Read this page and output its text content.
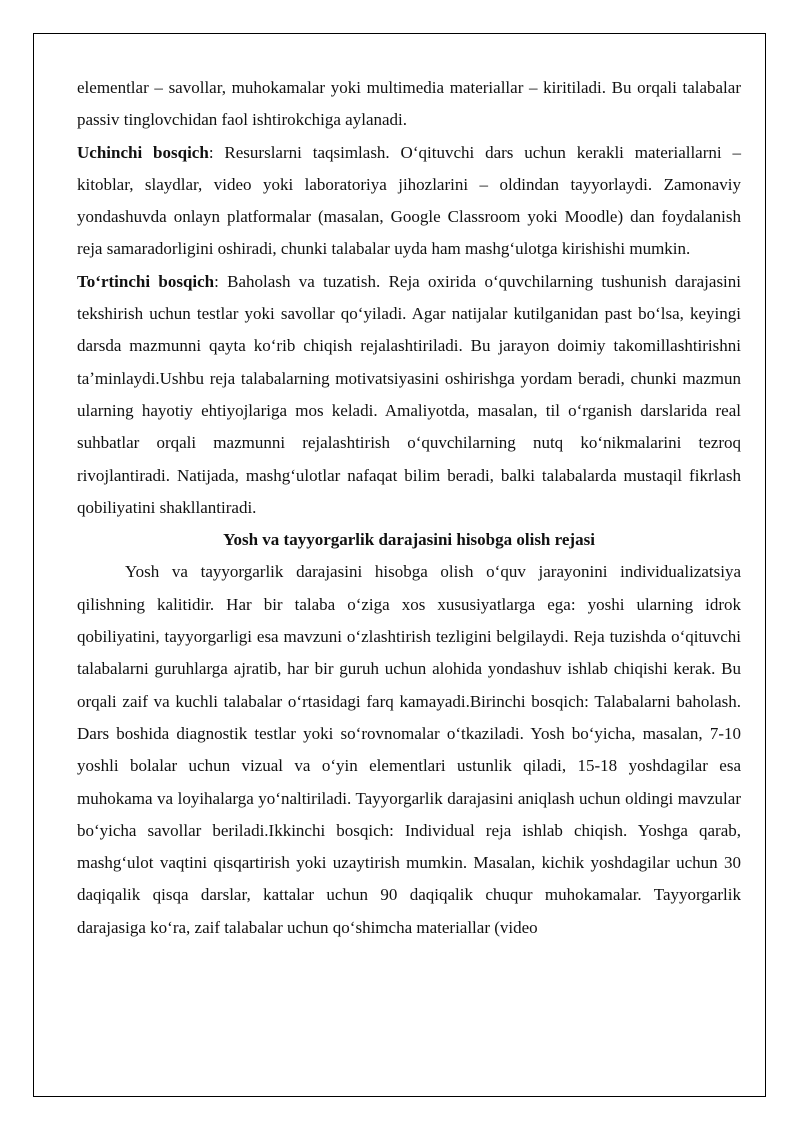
elementlar – savollar, muhokamalar yoki multimedia materiallar – kiritiladi. Bu orqali talabalar passiv tinglovchidan faol ishtirokchiga aylanadi.

Uchinchi bosqich: Resurslarni taqsimlash. Oʻqituvchi dars uchun kerakli materiallarni – kitoblar, slaydlar, video yoki laboratoriya jihozlarini – oldindan tayyorlaydi. Zamonaviy yondashuvda onlayn platformalar (masalan, Google Classroom yoki Moodle) dan foydalanish reja samaradorligini oshiradi, chunki talabalar uyda ham mashgʻulotga kirishishi mumkin.

Toʻrtinchi bosqich: Baholash va tuzatish. Reja oxirida oʻquvchilarning tushunish darajasini tekshirish uchun testlar yoki savollar qoʻyiladi. Agar natijalar kutilganidan past boʻlsa, keyingi darsda mazmunni qayta koʻrib chiqish rejalashtiriladi. Bu jarayon doimiy takomillashtirishni taʼminlaydi.Ushbu reja talabalarning motivatsiyasini oshirishga yordam beradi, chunki mazmun ularning hayotiy ehtiyojlariga mos keladi. Amaliyotda, masalan, til oʻrganish darslarida real suhbatlar orqali mazmunni rejalashtirish oʻquvchilarning nutq koʻnikmalarini tezroq rivojlantiradi. Natijada, mashgʻulotlar nafaqat bilim beradi, balki talabalarda mustaqil fikrlash qobiliyatini shakllantiradi.

Yosh va tayyorgarlik darajasini hisobga olish rejasi

Yosh va tayyorgarlik darajasini hisobga olish oʻquv jarayonini individualizatsiya qilishning kalitidir. Har bir talaba oʻziga xos xususiyatlarga ega: yoshi ularning idrok qobiliyatini, tayyorgarligi esa mavzuni oʻzlashtirish tezligini belgilaydi. Reja tuzishda oʻqituvchi talabalarni guruhlarga ajratib, har bir guruh uchun alohida yondashuv ishlab chiqishi kerak. Bu orqali zaif va kuchli talabalar oʻrtasidagi farq kamayadi.Birinchi bosqich: Talabalarni baholash. Dars boshida diagnostik testlar yoki soʻrovnomalar oʻtkaziladi. Yosh boʻyicha, masalan, 7-10 yoshli bolalar uchun vizual va oʻyin elementlari ustunlik qiladi, 15-18 yoshdagilar esa muhokama va loyihalarga yoʻnaltiriladi. Tayyorgarlik darajasini aniqlash uchun oldingi mavzular boʻyicha savollar beriladi.Ikkinchi bosqich: Individual reja ishlab chiqish. Yoshga qarab, mashgʻulot vaqtini qisqartirish yoki uzaytirish mumkin. Masalan, kichik yoshdagilar uchun 30 daqiqalik qisqa darslar, kattalar uchun 90 daqiqalik chuqur muhokamalar. Tayyorgarlik darajasiga koʻra, zaif talabalar uchun qoʻshimcha materiallar (video
